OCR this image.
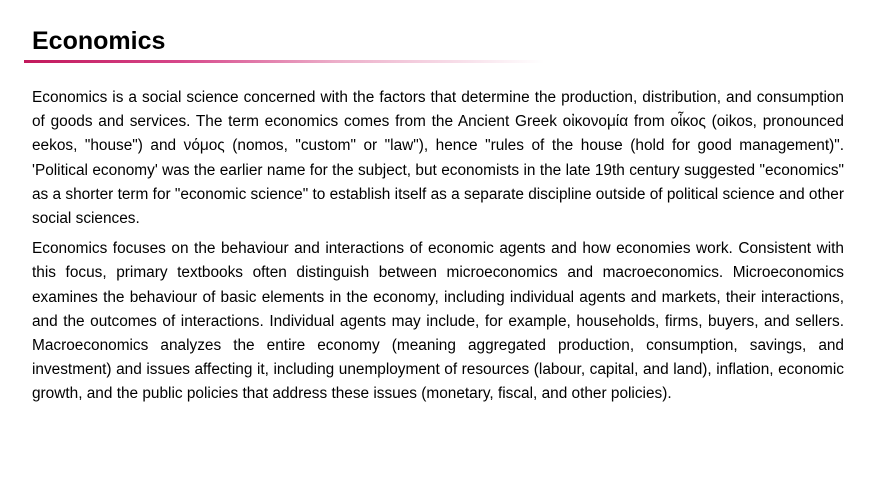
Economics

Economics is a social science concerned with the factors that determine the production, distribution, and consumption of goods and services. The term economics comes from the Ancient Greek οἰκονομία from οἶκος (oikos, pronounced eekos, "house") and νόμος (nomos, "custom" or "law"), hence "rules of the house (hold for good management)". 'Political economy' was the earlier name for the subject, but economists in the late 19th century suggested "economics" as a shorter term for "economic science" to establish itself as a separate discipline outside of political science and other social sciences.

Economics focuses on the behaviour and interactions of economic agents and how economies work. Consistent with this focus, primary textbooks often distinguish between microeconomics and macroeconomics. Microeconomics examines the behaviour of basic elements in the economy, including individual agents and markets, their interactions, and the outcomes of interactions. Individual agents may include, for example, households, firms, buyers, and sellers. Macroeconomics analyzes the entire economy (meaning aggregated production, consumption, savings, and investment) and issues affecting it, including unemployment of resources (labour, capital, and land), inflation, economic growth, and the public policies that address these issues (monetary, fiscal, and other policies).
